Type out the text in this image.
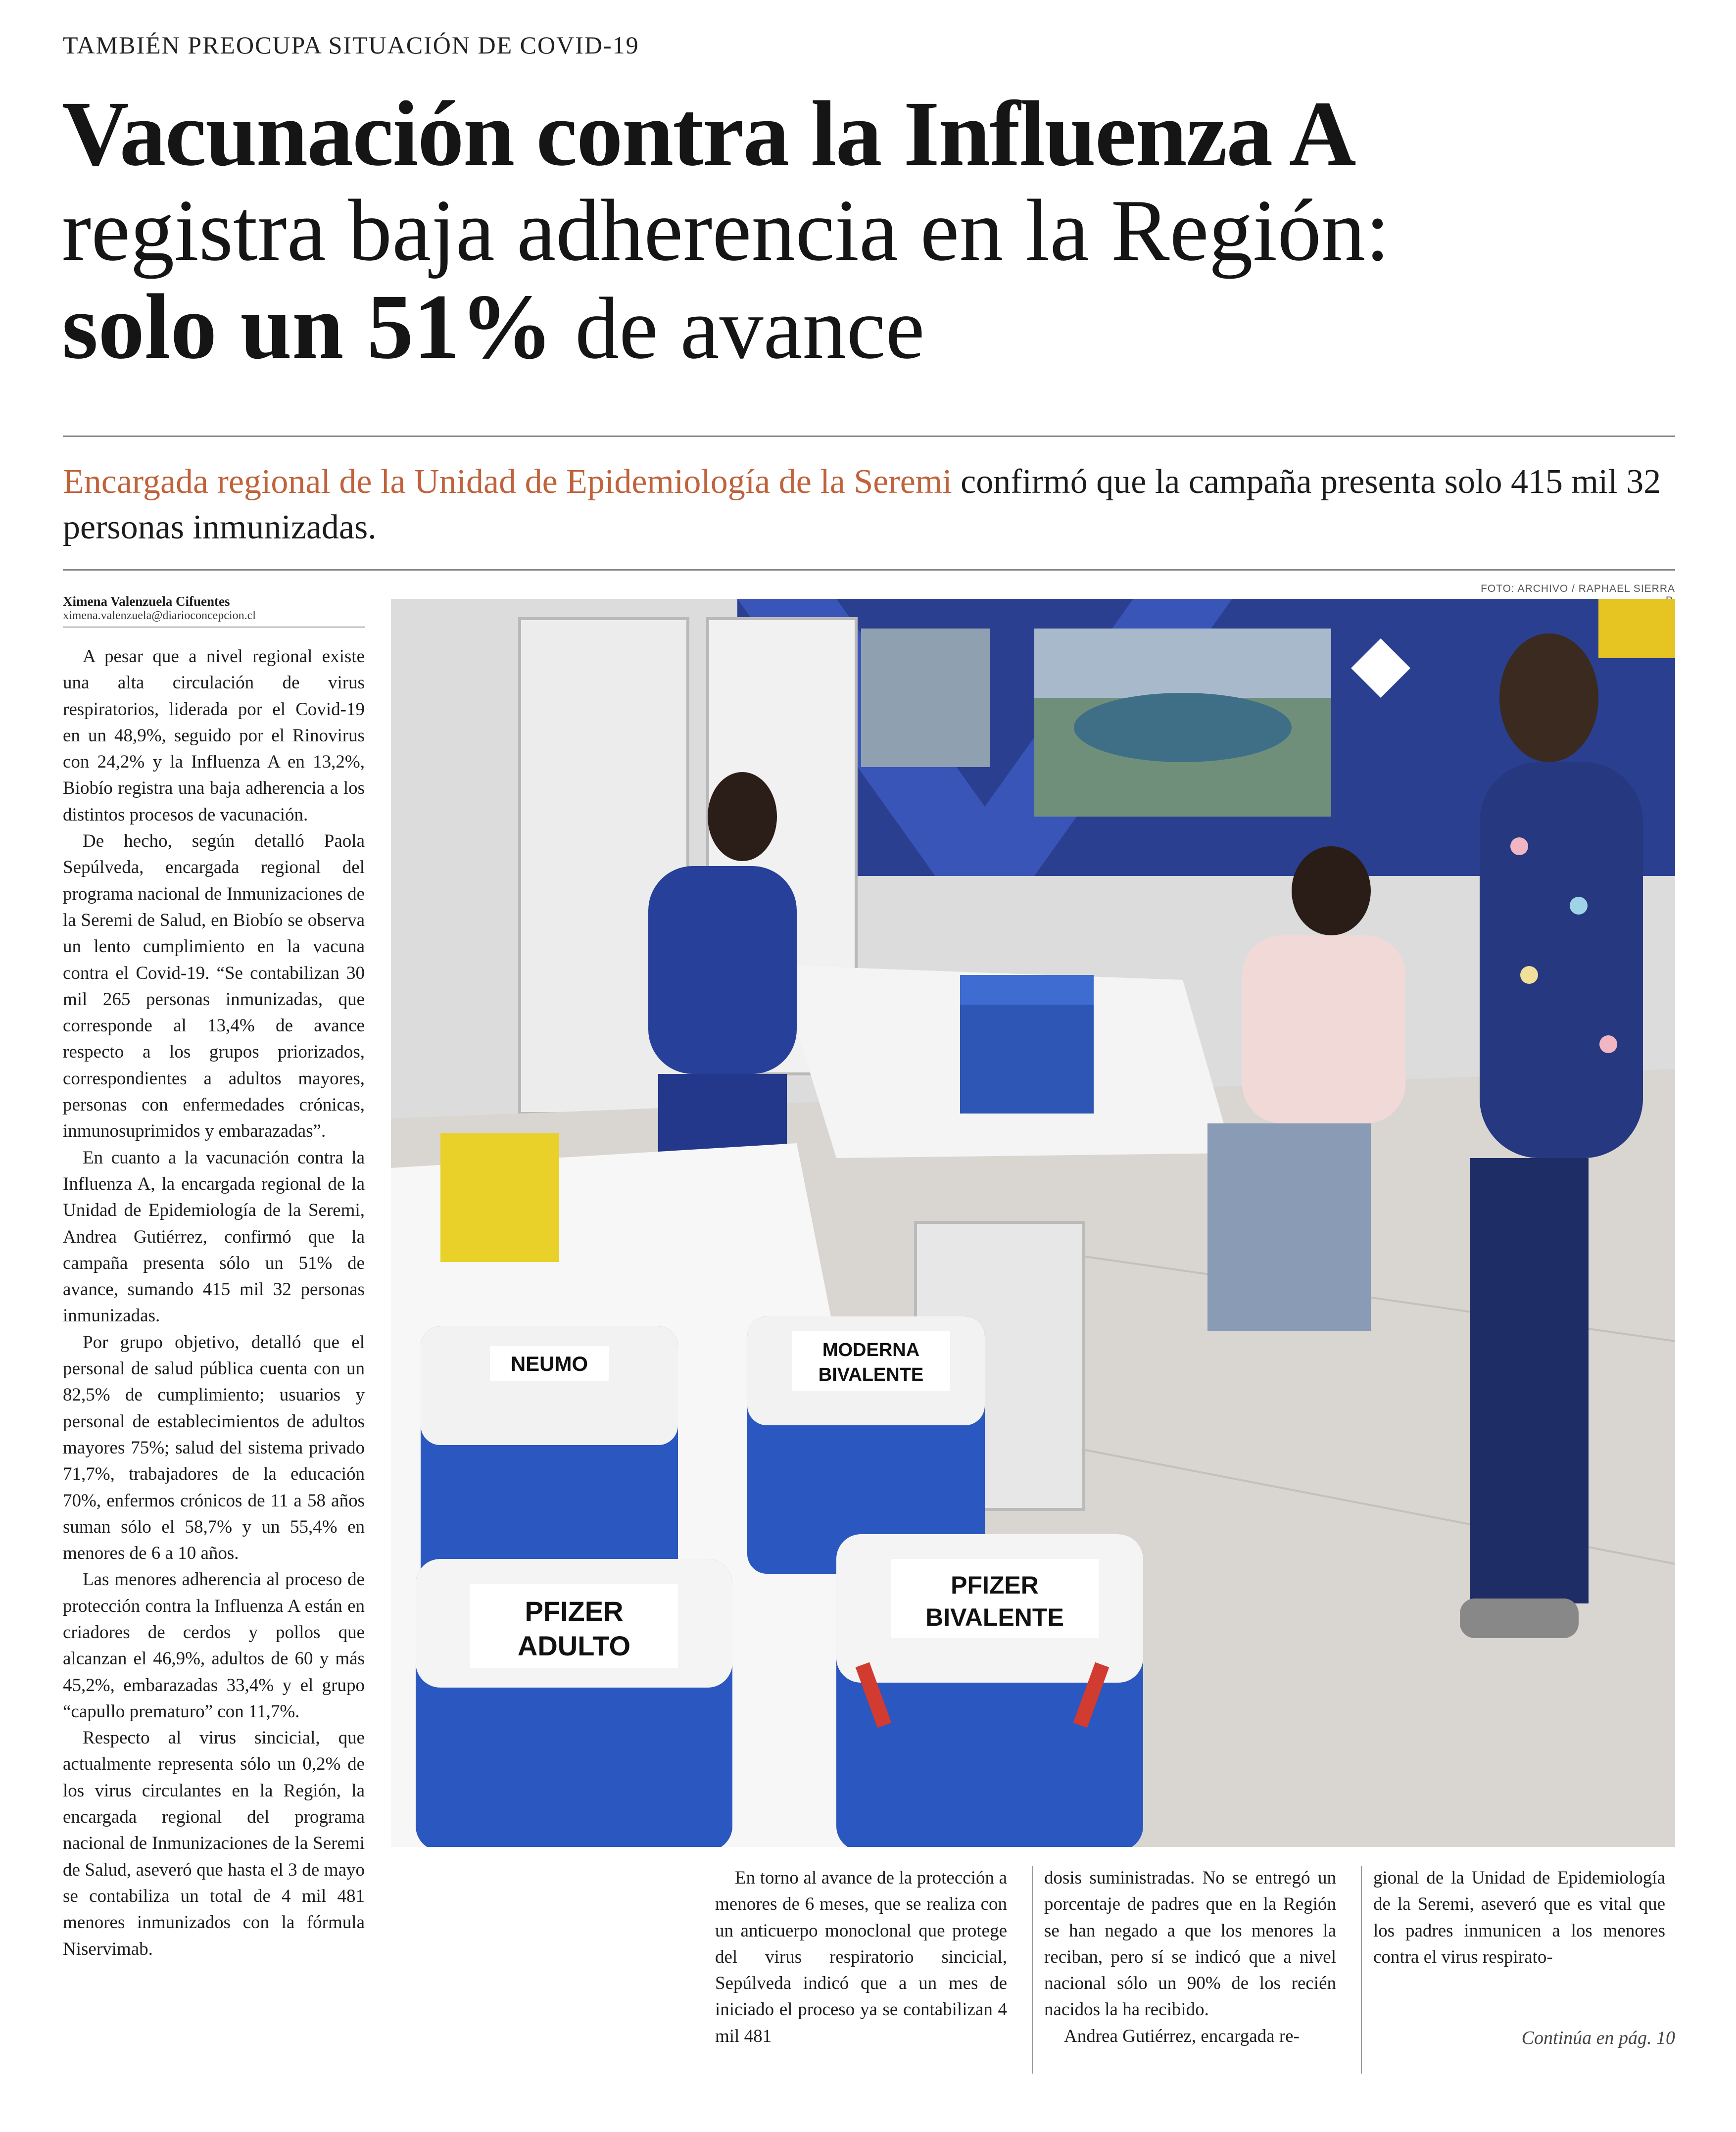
TAMBIÉN PREOCUPA SITUACIÓN DE COVID-19
Vacunación contra la Influenza A
registra baja adherencia en la Región:
solo un 51% de avance
Encargada regional de la Unidad de Epidemiología de la Seremi confirmó que la campaña presenta solo 415 mil 32 personas inmunizadas.
FOTO: ARCHIVO / RAPHAEL SIERRA
Ximena Valenzuela Cifuentes
ximena.valenzuela@diarioconcepcion.cl

A pesar que a nivel regional existe una alta circulación de virus respiratorios, liderada por el Covid-19 en un 48,9%, seguido por el Rinovirus con 24,2% y la Influenza A en 13,2%, Biobío registra una baja adherencia a los distintos procesos de vacunación.

De hecho, según detalló Paola Sepúlveda, encargada regional del programa nacional de Inmunizaciones de la Seremi de Salud, en Biobío se observa un lento cumplimiento en la vacuna contra el Covid-19. “Se contabilizan 30 mil 265 personas inmunizadas, que corresponde al 13,4% de avance respecto a los grupos priorizados, correspondientes a adultos mayores, personas con enfermedades crónicas, inmunosuprimidos y embarazadas”.

En cuanto a la vacunación contra la Influenza A, la encargada regional de la Unidad de Epidemiología de la Seremi, Andrea Gutiérrez, confirmó que la campaña presenta sólo un 51% de avance, sumando 415 mil 32 personas inmunizadas.

Por grupo objetivo, detalló que el personal de salud pública cuenta con un 82,5% de cumplimiento; usuarios y personal de establecimientos de adultos mayores 75%; salud del sistema privado 71,7%, trabajadores de la educación 70%, enfermos crónicos de 11 a 58 años suman sólo el 58,7% y un 55,4% en menores de 6 a 10 años.

Las menores adherencia al proceso de protección contra la Influenza A están en criadores de cerdos y pollos que alcanzan el 46,9%, adultos de 60 y más 45,2%, embarazadas 33,4% y el grupo “capullo prematuro” con 11,7%.

Respecto al virus sincicial, que actualmente representa sólo un 0,2% de los virus circulantes en la Región, la encargada regional del programa nacional de Inmunizaciones de la Seremi de Salud, aseveró que hasta el 3 de mayo se contabiliza un total de 4 mil 481 menores inmunizados con la fórmula Niservimab.

NEUMO
MODERNA
BIVALENTE
PFIZER
ADULTO
PFIZER
BIVALENTE

En torno al avance de la protección a menores de 6 meses, que se realiza con un anticuerpo monoclonal que protege del virus respiratorio sincicial, Sepúlveda indicó que a un mes de iniciado el proceso ya se contabilizan 4 mil 481

dosis suministradas. No se entregó un porcentaje de padres que en la Región se han negado a que los menores la reciban, pero sí se indicó que a nivel nacional sólo un 90% de los recién nacidos la ha recibido.

Andrea Gutiérrez, encargada re-

gional de la Unidad de Epidemiología de la Seremi, aseveró que es vital que los padres inmunicen a los menores contra el virus respirato-

Continúa en pág. 10
